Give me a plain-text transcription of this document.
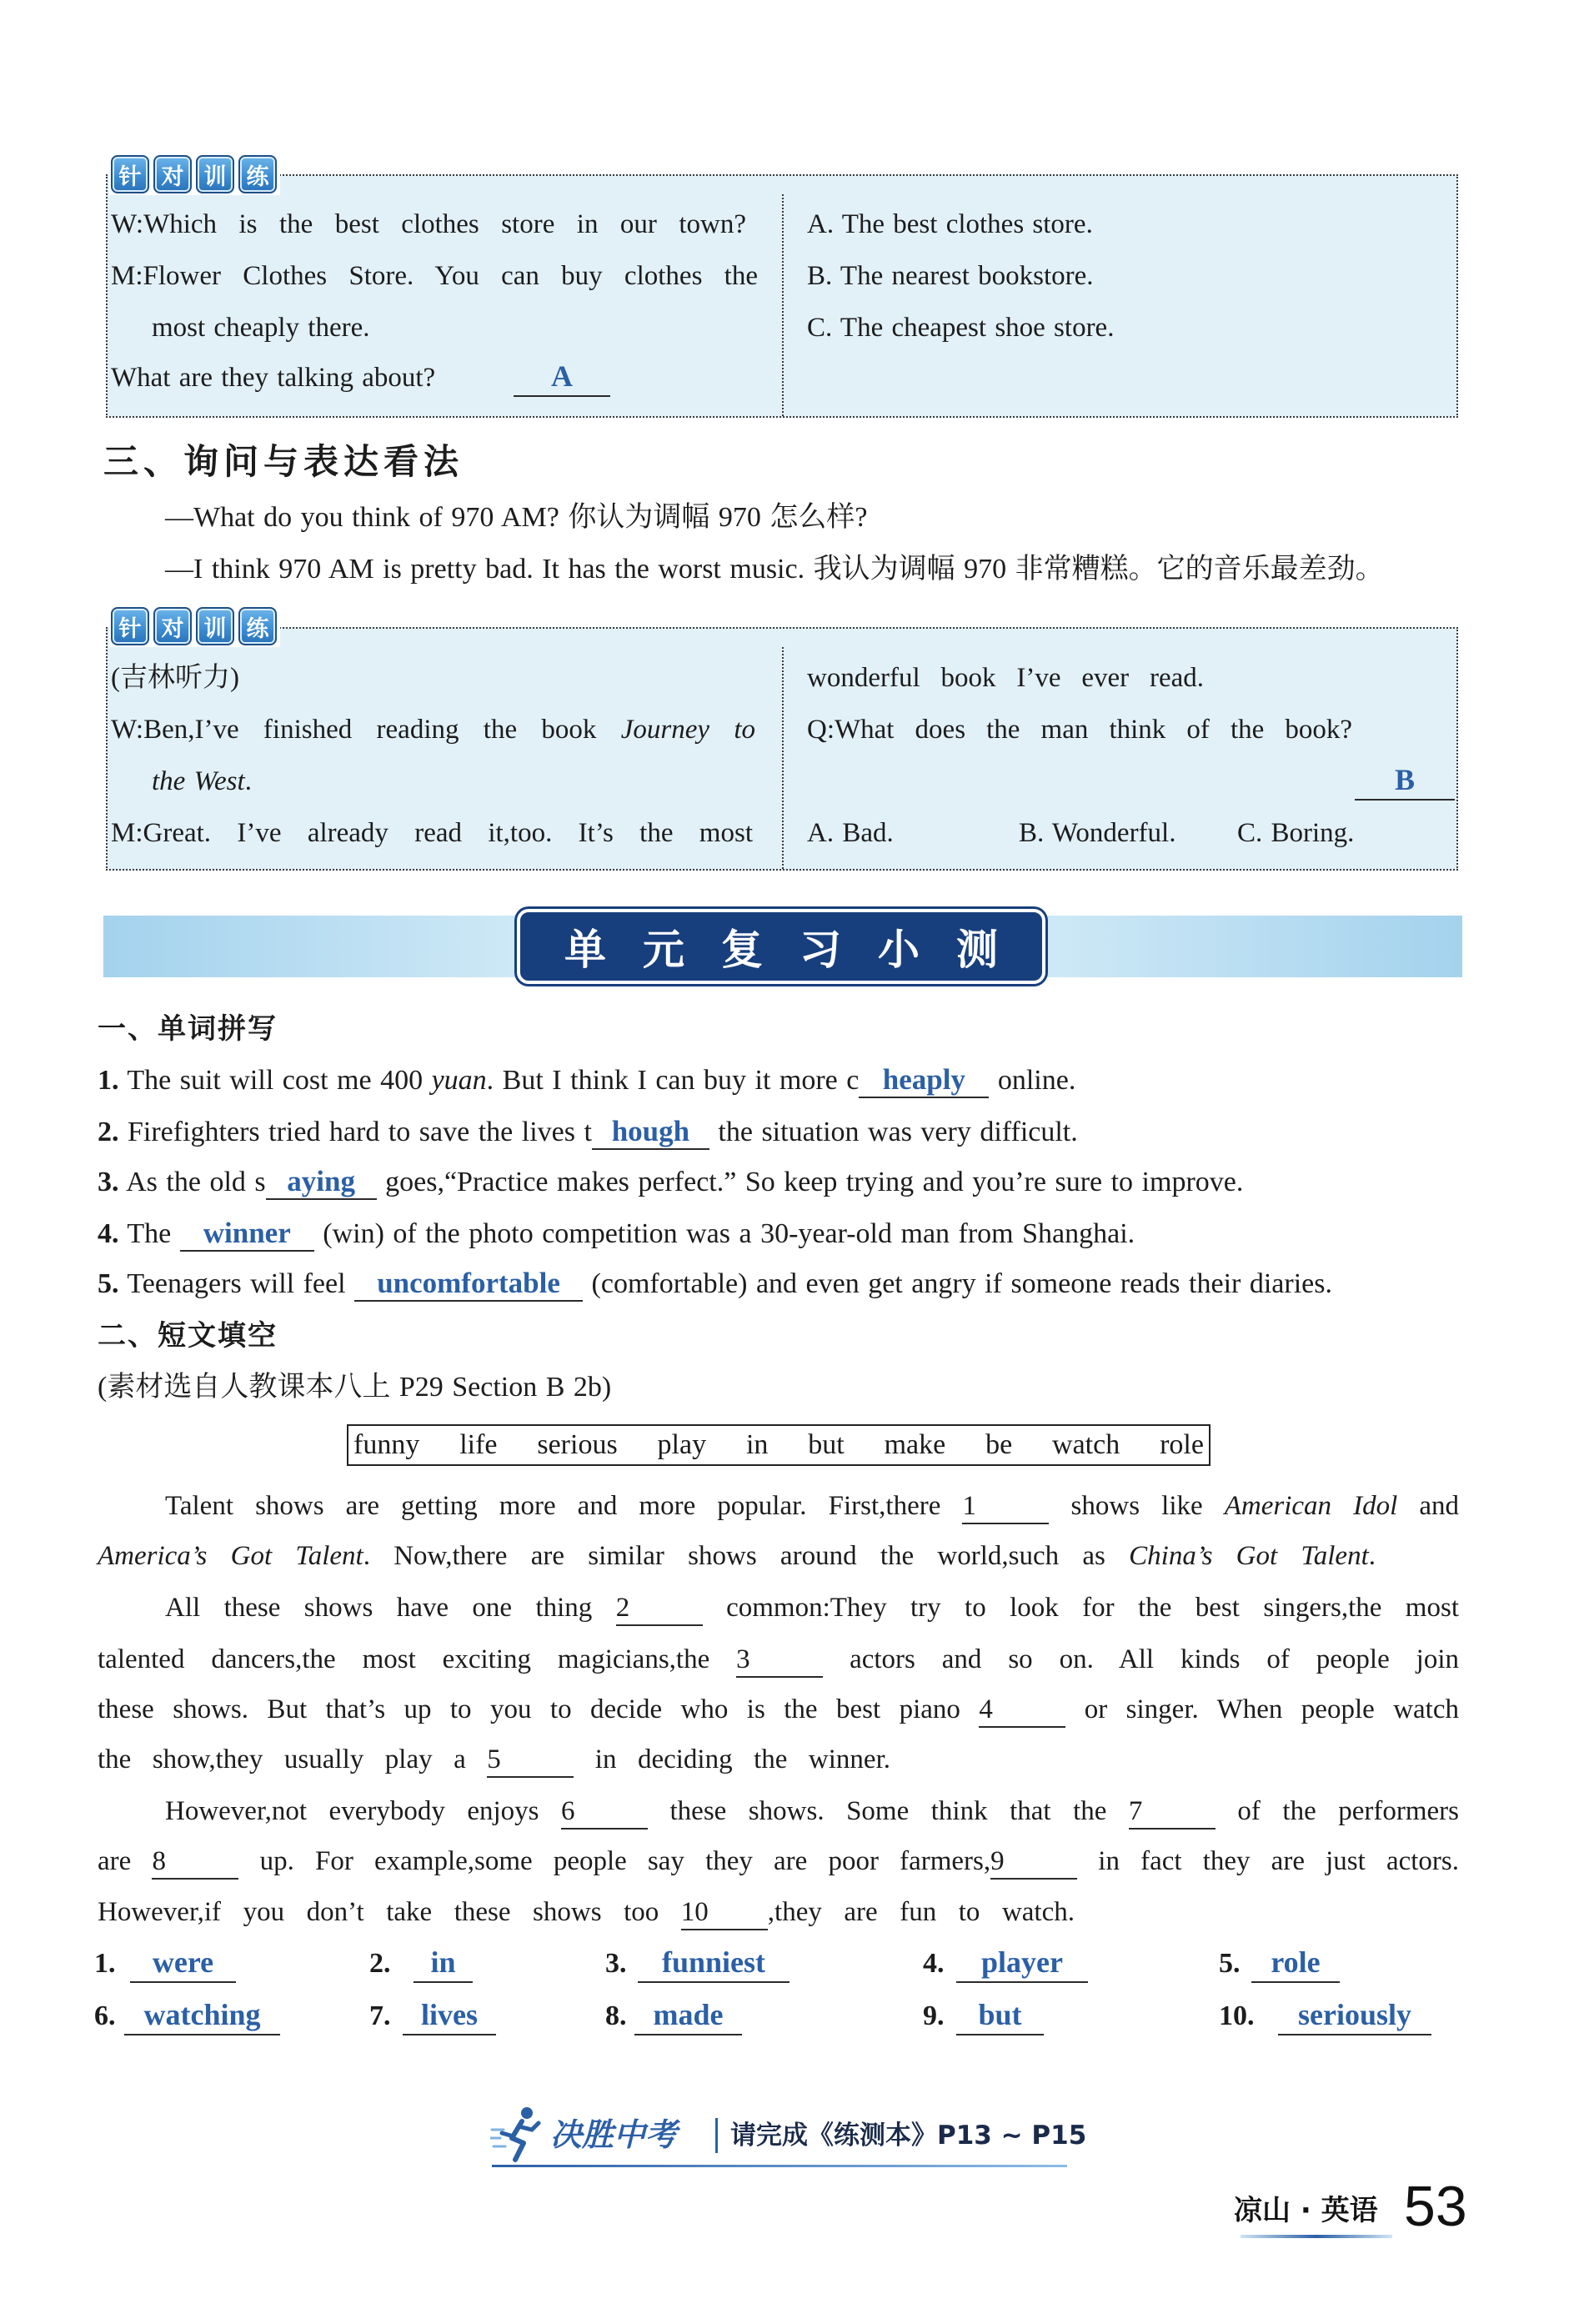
针 对 训 练
W:Which is the best clothes store in our town?
M:Flower Clothes Store. You can buy clothes the
most cheaply there.
What are they talking about?	A
A. The best clothes store.
B. The nearest bookstore.
C. The cheapest shoe store.
三、询问与表达看法
—What do you think of 970 AM? 你认为调幅 970 怎么样?
—I think 970 AM is pretty bad. It has the worst music. 我认为调幅 970 非常糟糕。它的音乐最差劲。
针 对 训 练
(吉林听力)
W:Ben,I’ve finished reading the book Journey to
the West.
M:Great. I’ve already read it,too. It’s the most
wonderful book I’ve ever read.
Q:What does the man think of the book?
B
A. Bad.	B. Wonderful. C. Boring.
单元复习小测
一、单词拼写
1. The suit will cost me 400 yuan. But I think I can buy it more c heaply online.
2. Firefighters tried hard to save the lives t hough the situation was very difficult.
3. As the old s aying goes,“Practice makes perfect.” So keep trying and you’re sure to improve.
4. The winner (win) of the photo competition was a 30-year-old man from Shanghai.
5. Teenagers will feel uncomfortable (comfortable) and even get angry if someone reads their diaries.
二、短文填空
(素材选自人教课本八上 P29 Section B 2b)
funny life serious play in but make be watch role
Talent shows are getting more and more popular. First,there 1	shows like American Idol and
America’s Got Talent. Now,there are similar shows around the world,such as China’s Got Talent.
All these shows have one thing 2	common:They try to look for the best singers,the most
talented dancers,the most exciting magicians,the 3	actors and so on. All kinds of people join
these shows. But that’s up to you to decide who is the best piano 4	or singer. When people watch
the show,they usually play a 5	in deciding the winner.
However,not everybody enjoys 6	these shows. Some think that the 7	of the performers
are 8	up. For example,some people say they are poor farmers,9	in fact they are just actors.
However,if you don’t take these shows too 10 ,they are fun to watch.
1.	were	2.	in	3.	funniest	4.	player	5.	role
6. watching	7.	lives	8. made	9.	but	10.	seriously
决胜中考 请完成《练测本》P13 ~ P15
凉山 · 英语 53
